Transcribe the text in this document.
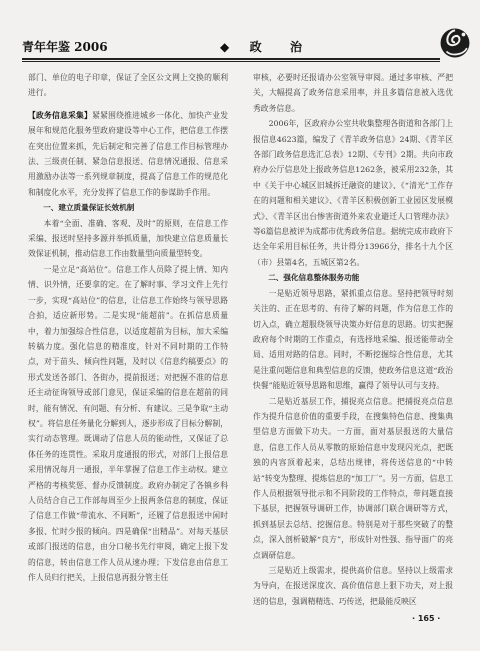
青年年鉴 2006	◆ 政 治

部门、单位的电子印章，保证了全区公文网上交换的顺利进行。

【政务信息采集】紧紧围绕推进城乡一体化、加快产业发展年和规范化服务型政府建设等中心工作，把信息工作摆在突出位置来抓，先后制定和完善了信息工作目标管理办法、三级责任制、紧急信息报送、信息情况通报、信息采用激励办法等一系列规章制度，提高了信息工作的规范化和制度化水平，充分发挥了信息工作的参谋助手作用。

一、建立质量保证长效机制

本着“全面、准确、客观、及时”的原则，在信息工作采编、报送时坚持多源并举抓质量，加快建立信息质量长效保证机制，推动信息工作由数量型向质量型转变。

一是立足“高站位”。信息工作人员除了提上情、知内情、识外情，还要拿的定。在了解时事、学习文件上先行一步，实现“高站位”的信息，让信息工作始终与领导思路合拍，适应新形势。二是实现“能超前”。在抓信息质量中，着力加强综合性信息，以适度超前为目标，加大采编转稿力度。强化信息的精准度，针对不同时期的工作特点，对于苗头、倾向性问题，及时以《信息约稿要点》的形式发送各部门、各街办，提前报送；对把握不准的信息还主动征询领导或部门意见，保证采编的信息在超前的同时，能有情况、有问题、有分析、有建议。三是争取“主动权”。将信息任务量化分解到人，逐步形成了目标分解制，实行动态管理。既调动了信息人员的能动性，又保证了总体任务的连贯性。采取月度通报的形式，对部门上报信息采用情况每月一通报，半年掌握了信息工作主动权。建立严格的考核奖惩、督办反馈制度。政府办制定了各镇乡科人员结合自己工作部每周至少上报两条信息的制度，保证了信息工作做“带流水、不间断”，还履了信息报送中闲时多报、忙时少报的倾向。四是确保“出精品”。对每天基层或部门报送的信息，由分口秘书先行审阅，确定上报下发的信息，转由信息工作人员从速办理；下发信息由信息工作人员归行把关，上报信息再报分管主任

审核，必要时还报请办公室领导审阅。通过多审核、严把关，大幅提高了政务信息采用率，并且多篇信息被入选优秀政务信息。

2006年，区政府办公室共收集整理各街道和各部门上报信息4623篇，编发了《青羊政务信息》24期、《青羊区各部门政务信息选汇总表》12期、《专刊》2期。共向市政府办公厅信息处上报政务信息1262条，被采用232条，其中《关于中心城区旧城拆迁融资的建议》、《“清光”工作存在的问题和相关建议》、《青羊区积极创新工业园区发展模式》、《青羊区出台惨害街道外来农业避迁人口管理办法》等6篇信息被评为成都市优秀政务信息。据统完成市政府下达全年采用目标任务，共计得分13966分，排名十九个区（市）县第4名，五城区第2名。

二、强化信息整体服务功能

一是贴近领导思路，紧抓重点信息。坚持把领导时刻关注的、正在思考的、有待了解的问题，作为信息工作的切入点，确立超服绕领导决策办好信息的思路。切实把握政府每个时期的工作重点，有选择地采编、报送能带动全局、适用对路的信息。同时，不断挖掘综合性信息，尤其是注重问题信息和典型信息的反馈，使政务信息这道“政治快餐”能贴近领导思路和思维，赢得了领导认可与支持。

二是贴近基层工作，捕捉亮点信息。把捕捉亮点信息作为提升信息价值的重要手段，在搜集特色信息、搜集典型信息方面做下功夫。一方面，面对基层报送的大量信息，信息工作人员从零散的原始信息中发现闪光点，把既独的内容顶着起来，总结出规律，将传送信息的“中转站”转变为整理、提炼信息的“加工厂”。另一方面，信息工作人员根据领导批示和不同阶段的工作特点，带问题直接下基层，把握领导调研工作，协调部门联合调研等方式，抓到基层去总结、挖掘信息。特别是对于那些突破了的整点，深入剖析破解“良方”，形成针对性强、指导面广的亮点调研信息。

三是贴近上级需求，提供高价信息。坚持以上级需求为导向，在报送深度次、高价值信息上狠下功夫，对上报送的信息，强调精精选、巧传送，把最能反映区

· 165 ·
